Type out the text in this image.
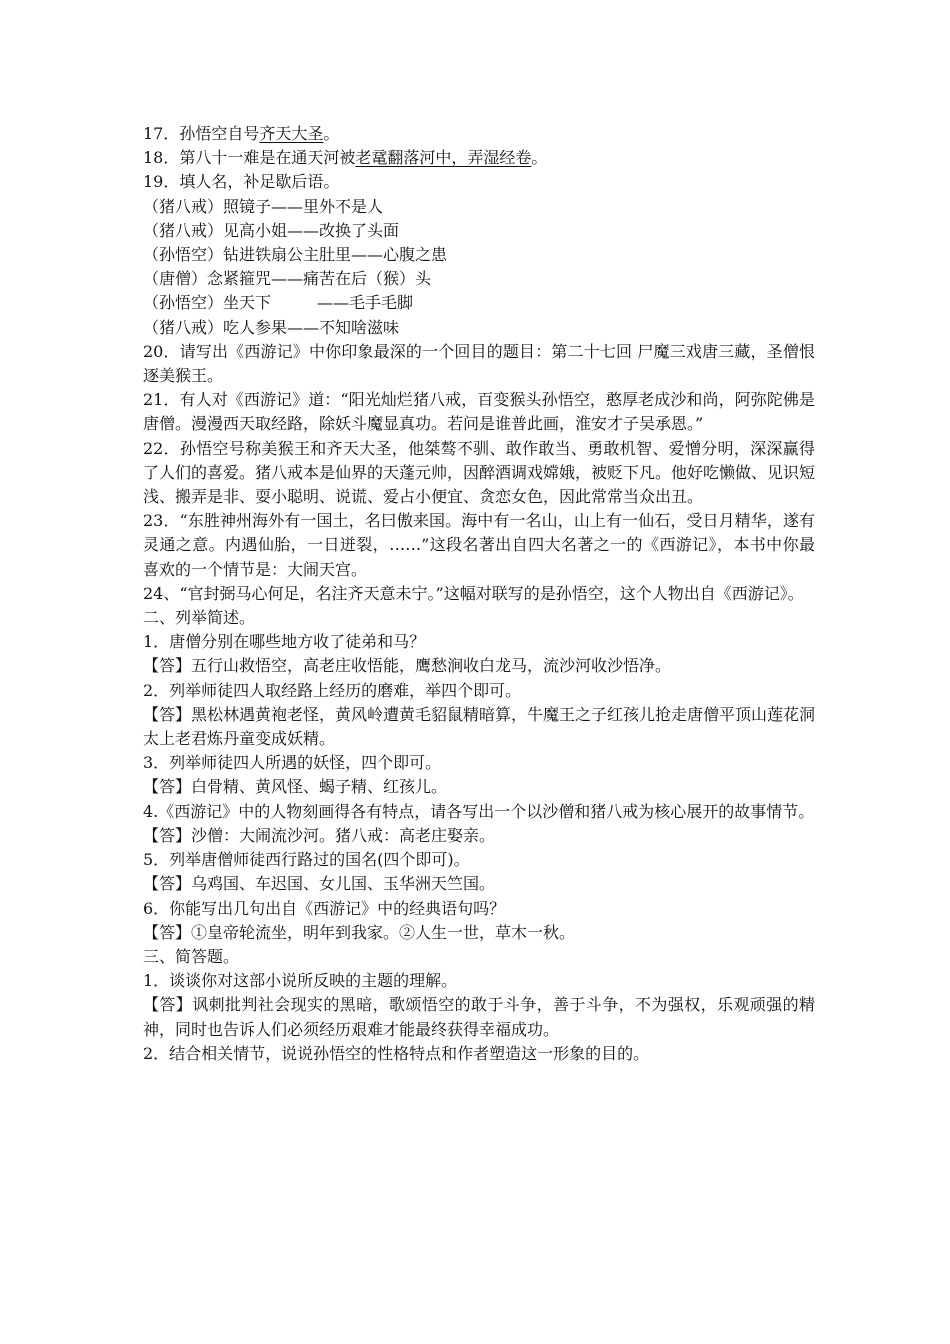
17．孙悟空自号齐天大圣。
18．第八十一难是在通天河被老鼋翻落河中，弄湿经卷。
19．填人名，补足歇后语。
（猪八戒）照镜子——里外不是人
（猪八戒）见高小姐——改换了头面
（孙悟空）钻进铁扇公主肚里——心腹之患
（唐僧）念紧箍咒——痛苦在后（猴）头
（孙悟空）坐天下	——毛手毛脚
（猪八戒）吃人参果——不知啥滋味
20．请写出《西游记》中你印象最深的一个回目的题目：第二十七回 尸魔三戏唐三藏，圣僧恨逐美猴王。
21．有人对《西游记》道：“阳光灿烂猪八戒，百变猴头孙悟空，憨厚老成沙和尚，阿弥陀佛是唐僧。漫漫西天取经路，除妖斗魔显真功。若问是谁普此画，淮安才子吴承恩。”
22．孙悟空号称美猴王和齐天大圣，他桀骜不驯、敢作敢当、勇敢机智、爱憎分明，深深赢得了人们的喜爱。猪八戒本是仙界的天蓬元帅，因醉酒调戏嫦娥，被贬下凡。他好吃懒做、见识短浅、搬弄是非、耍小聪明、说谎、爱占小便宜、贪恋女色，因此常常当众出丑。
23．“东胜神州海外有一国土，名曰傲来国。海中有一名山，山上有一仙石，受日月精华，遂有灵通之意。内遇仙胎，一日迸裂，……”这段名著出自四大名著之一的《西游记》，本书中你最喜欢的一个情节是：大闹天宫。
24、“官封弼马心何足，名注齐天意未宁。”这幅对联写的是孙悟空，这个人物出自《西游记》。
二、列举简述。
1．唐僧分别在哪些地方收了徒弟和马？
【答】五行山救悟空，高老庄收悟能，鹰愁涧收白龙马，流沙河收沙悟净。
2．列举师徒四人取经路上经历的磨难，举四个即可。
【答】黑松林遇黄袍老怪，黄风岭遭黄毛貂鼠精暗算，牛魔王之子红孩儿抢走唐僧平顶山莲花洞太上老君炼丹童变成妖精。
3．列举师徒四人所遇的妖怪，四个即可。
【答】白骨精、黄风怪、蝎子精、红孩儿。
4.《西游记》中的人物刻画得各有特点，请各写出一个以沙僧和猪八戒为核心展开的故事情节。
【答】沙僧：大闹流沙河。猪八戒：高老庄娶亲。
5．列举唐僧师徒西行路过的国名(四个即可)。
【答】乌鸡国、车迟国、女儿国、玉华洲天竺国。
6．你能写出几句出自《西游记》中的经典语句吗？
【答】①皇帝轮流坐，明年到我家。②人生一世，草木一秋。
三、简答题。
1．谈谈你对这部小说所反映的主题的理解。
【答】讽刺批判社会现实的黑暗，歌颂悟空的敢于斗争，善于斗争，不为强权，乐观顽强的精神，同时也告诉人们必须经历艰难才能最终获得幸福成功。
2．结合相关情节，说说孙悟空的性格特点和作者塑造这一形象的目的。
